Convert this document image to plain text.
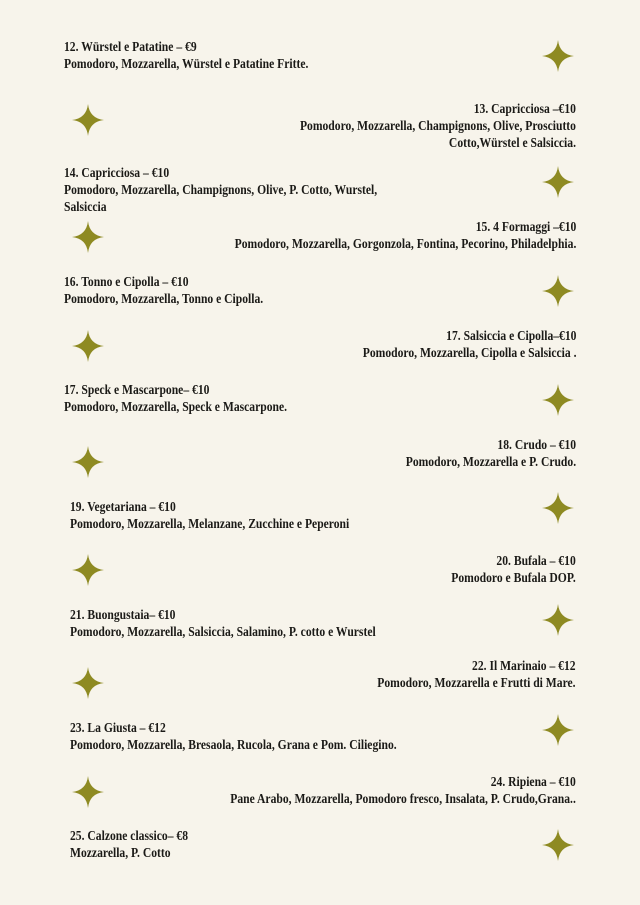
12. Würstel e Patatine – €9
Pomodoro, Mozzarella, Würstel e Patatine Fritte.
13. Capricciosa –€10
Pomodoro, Mozzarella, Champignons, Olive, Prosciutto
Cotto,Würstel e Salsiccia.
14. Capricciosa – €10
Pomodoro, Mozzarella, Champignons, Olive, P. Cotto, Wurstel,
Salsiccia
15. 4 Formaggi –€10
Pomodoro, Mozzarella, Gorgonzola, Fontina, Pecorino, Philadelphia.
16. Tonno e Cipolla – €10
Pomodoro, Mozzarella, Tonno e Cipolla.
17. Salsiccia e Cipolla–€10
Pomodoro, Mozzarella, Cipolla e Salsiccia .
17. Speck e Mascarpone– €10
Pomodoro, Mozzarella, Speck e Mascarpone.
18. Crudo – €10
Pomodoro, Mozzarella e P. Crudo.
19. Vegetariana – €10
Pomodoro, Mozzarella, Melanzane, Zucchine e Peperoni
20. Bufala – €10
Pomodoro e Bufala DOP.
21. Buongustaia– €10
Pomodoro, Mozzarella, Salsiccia, Salamino, P. cotto e Wurstel
22. Il Marinaio – €12
Pomodoro, Mozzarella e Frutti di Mare.
23. La Giusta – €12
Pomodoro, Mozzarella, Bresaola, Rucola, Grana e Pom. Ciliegino.
24. Ripiena – €10
Pane Arabo, Mozzarella, Pomodoro fresco, Insalata, P. Crudo,Grana..
25. Calzone classico– €8
Mozzarella, P. Cotto
